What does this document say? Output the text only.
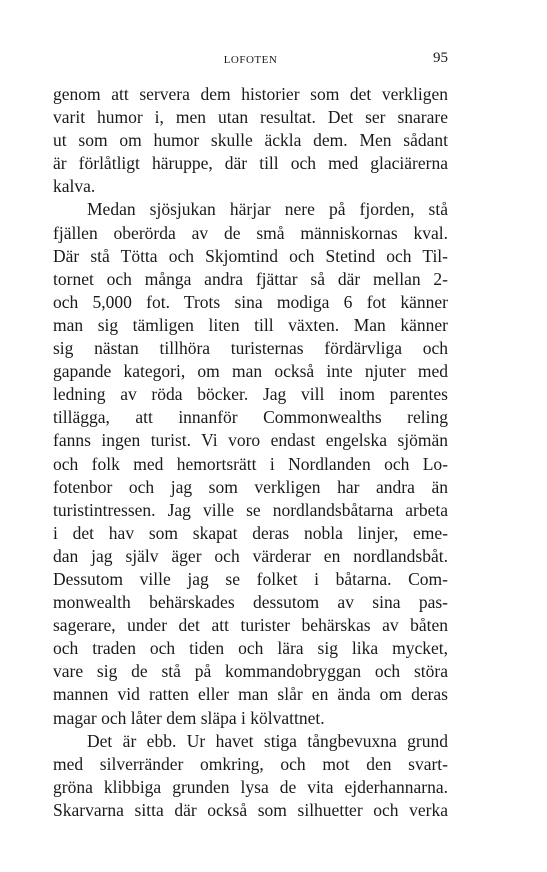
LOFOTEN	95
genom att servera dem historier som det verkligen
varit humor i, men utan resultat. Det ser snarare
ut som om humor skulle äckla dem. Men sådant
är förlåtligt häruppe, där till och med glaciärerna
kalva.
Medan sjösjukan härjar nere på fjorden, stå
fjällen oberörda av de små människornas kval.
Där stå Tötta och Skjomtind och Stetind och Til-
tornet och många andra fjättar så där mellan 2-
och 5,000 fot. Trots sina modiga 6 fot känner
man sig tämligen liten till växten. Man känner
sig nästan tillhöra turisternas fördärvliga och
gapande kategori, om man också inte njuter med
ledning av röda böcker. Jag vill inom parentes
tillägga, att innanför Commonwealths reling
fanns ingen turist. Vi voro endast engelska sjömän
och folk med hemortsrätt i Nordlanden och Lo-
fotenbor och jag som verkligen har andra än
turistintressen. Jag ville se nordlandsbåtarna arbeta
i det hav som skapat deras nobla linjer, eme-
dan jag själv äger och värderar en nordlandsbåt.
Dessutom ville jag se folket i båtarna. Com-
monwealth behärskades dessutom av sina pas-
sagerare, under det att turister behärskas av båten
och traden och tiden och lära sig lika mycket,
vare sig de stå på kommandobryggan och störa
mannen vid ratten eller man slår en ända om deras
magar och låter dem släpa i kölvattnet.
Det är ebb. Ur havet stiga tångbevuxna grund
med silverränder omkring, och mot den svart-
gröna klibbiga grunden lysa de vita ejderhannarna.
Skarvarna sitta där också som silhuetter och verka
